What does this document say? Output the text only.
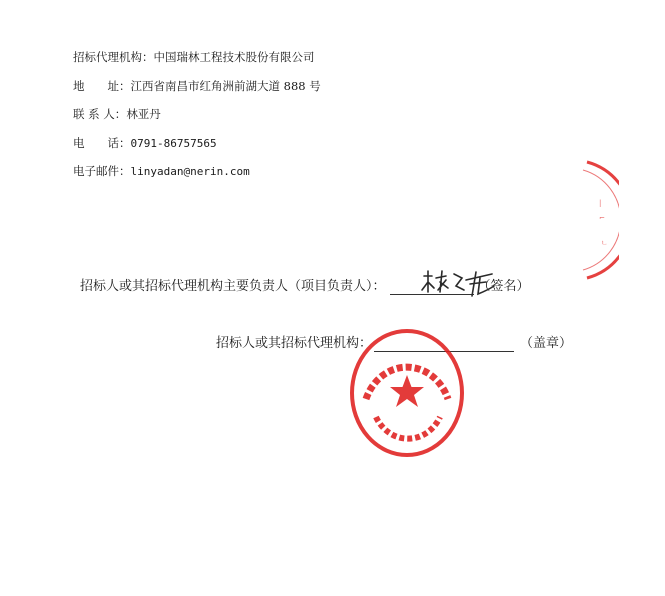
招标代理机构：中国瑞林工程技术股份有限公司
地　　址：江西省南昌市红角洲前湖大道 888 号
联 系 人：林亚丹
电　　话：0791-86757565
电子邮件：linyadan@nerin.com
|
⌐
ㄴ
招标人或其招标代理机构主要负责人（项目负责人）：	（签名）
招标人或其招标代理机构：	（盖章）
